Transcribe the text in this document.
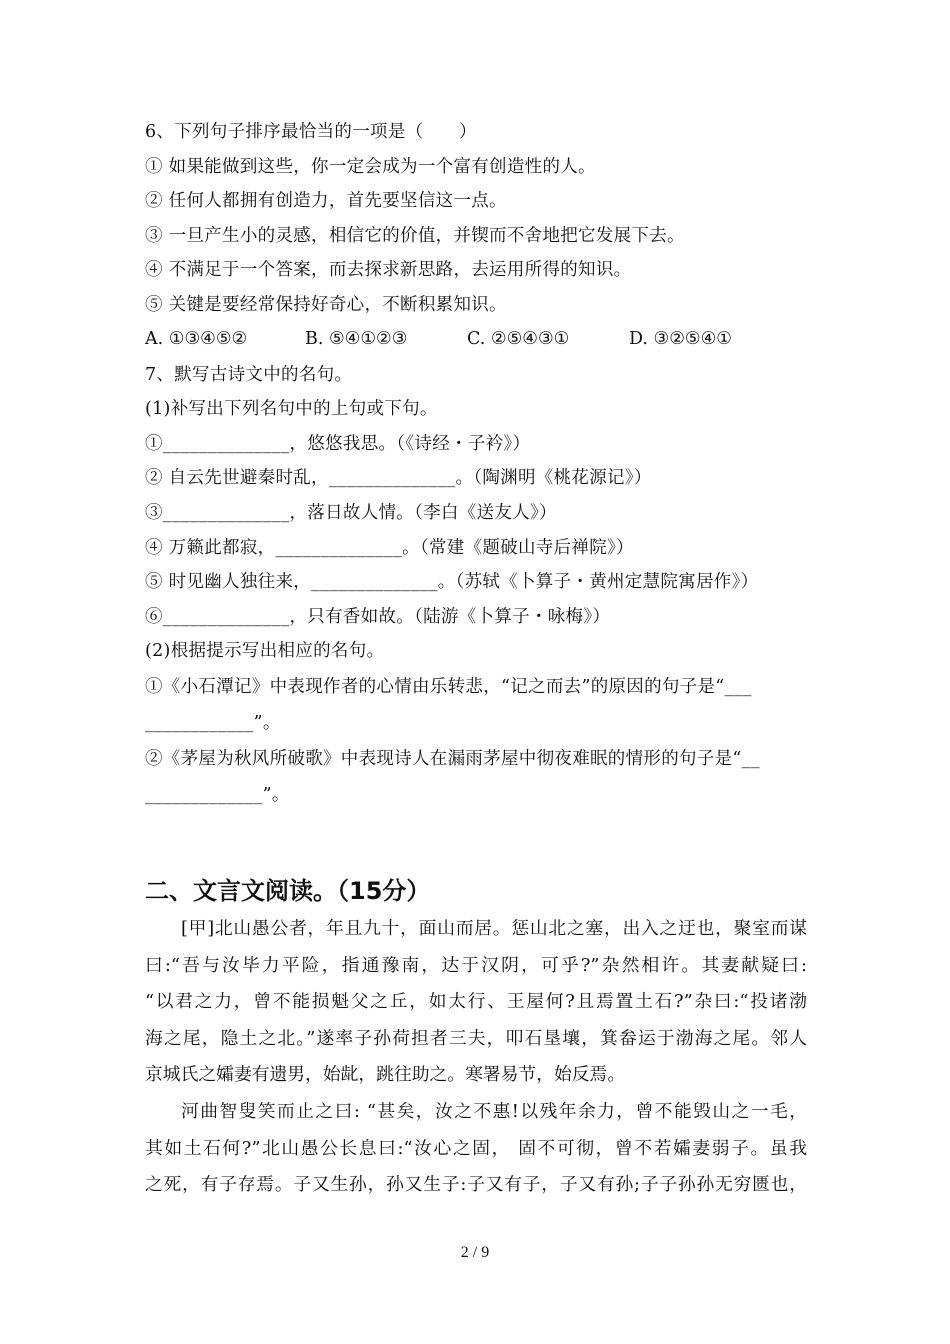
6、下列句子排序最恰当的一项是（　　）
① 如果能做到这些，你一定会成为一个富有创造性的人。
② 任何人都拥有创造力，首先要坚信这一点。
③ 一旦产生小的灵感，相信它的价值，并锲而不舍地把它发展下去。
④ 不满足于一个答案，而去探求新思路，去运用所得的知识。
⑤ 关键是要经常保持好奇心，不断积累知识。
A. ①③④⑤②	B. ⑤④①②③	C. ②⑤④③①	D. ③②⑤④①
7、默写古诗文中的名句。
(1)补写出下列名句中的上句或下句。
①______________，悠悠我思。（《诗经・子衿》）
② 自云先世避秦时乱，______________。（陶渊明《桃花源记》）
③______________，落日故人情。（李白《送友人》）
④ 万籁此都寂，______________。（常建《题破山寺后禅院》）
⑤ 时见幽人独往来，______________。（苏轼《卜算子・黄州定慧院寓居作》）
⑥______________，只有香如故。（陆游《卜算子・咏梅》）
(2)根据提示写出相应的名句。
①《小石潭记》中表现作者的心情由乐转悲，“记之而去”的原因的句子是“___
____________”。
②《茅屋为秋风所破歌》中表现诗人在漏雨茅屋中彻夜难眠的情形的句子是“__
_____________”。
二、文言文阅读。（15分）
[甲]北山愚公者，年且九十，面山而居。惩山北之塞，出入之迂也，聚室而谋
曰:“吾与汝毕力平险，指通豫南，达于汉阴，可乎?”杂然相许。其妻献疑曰:
“以君之力，曾不能损魁父之丘，如太行、王屋何?且焉置土石?”杂曰:“投诸渤
海之尾，隐土之北。”遂率子孙荷担者三夫，叩石垦壤，箕畚运于渤海之尾。邻人
京城氏之孀妻有遗男，始龀，跳往助之。寒署易节，始反焉。
河曲智叟笑而止之曰: “甚矣，汝之不惠!以残年余力，曾不能毁山之一毛，
其如土石何?”北山愚公长息曰:“汝心之固， 固不可彻，曾不若孀妻弱子。虽我
之死，有子存焉。子又生孙，孙又生子:子又有子，子又有孙;子子孙孙无穷匮也，
2 / 9
